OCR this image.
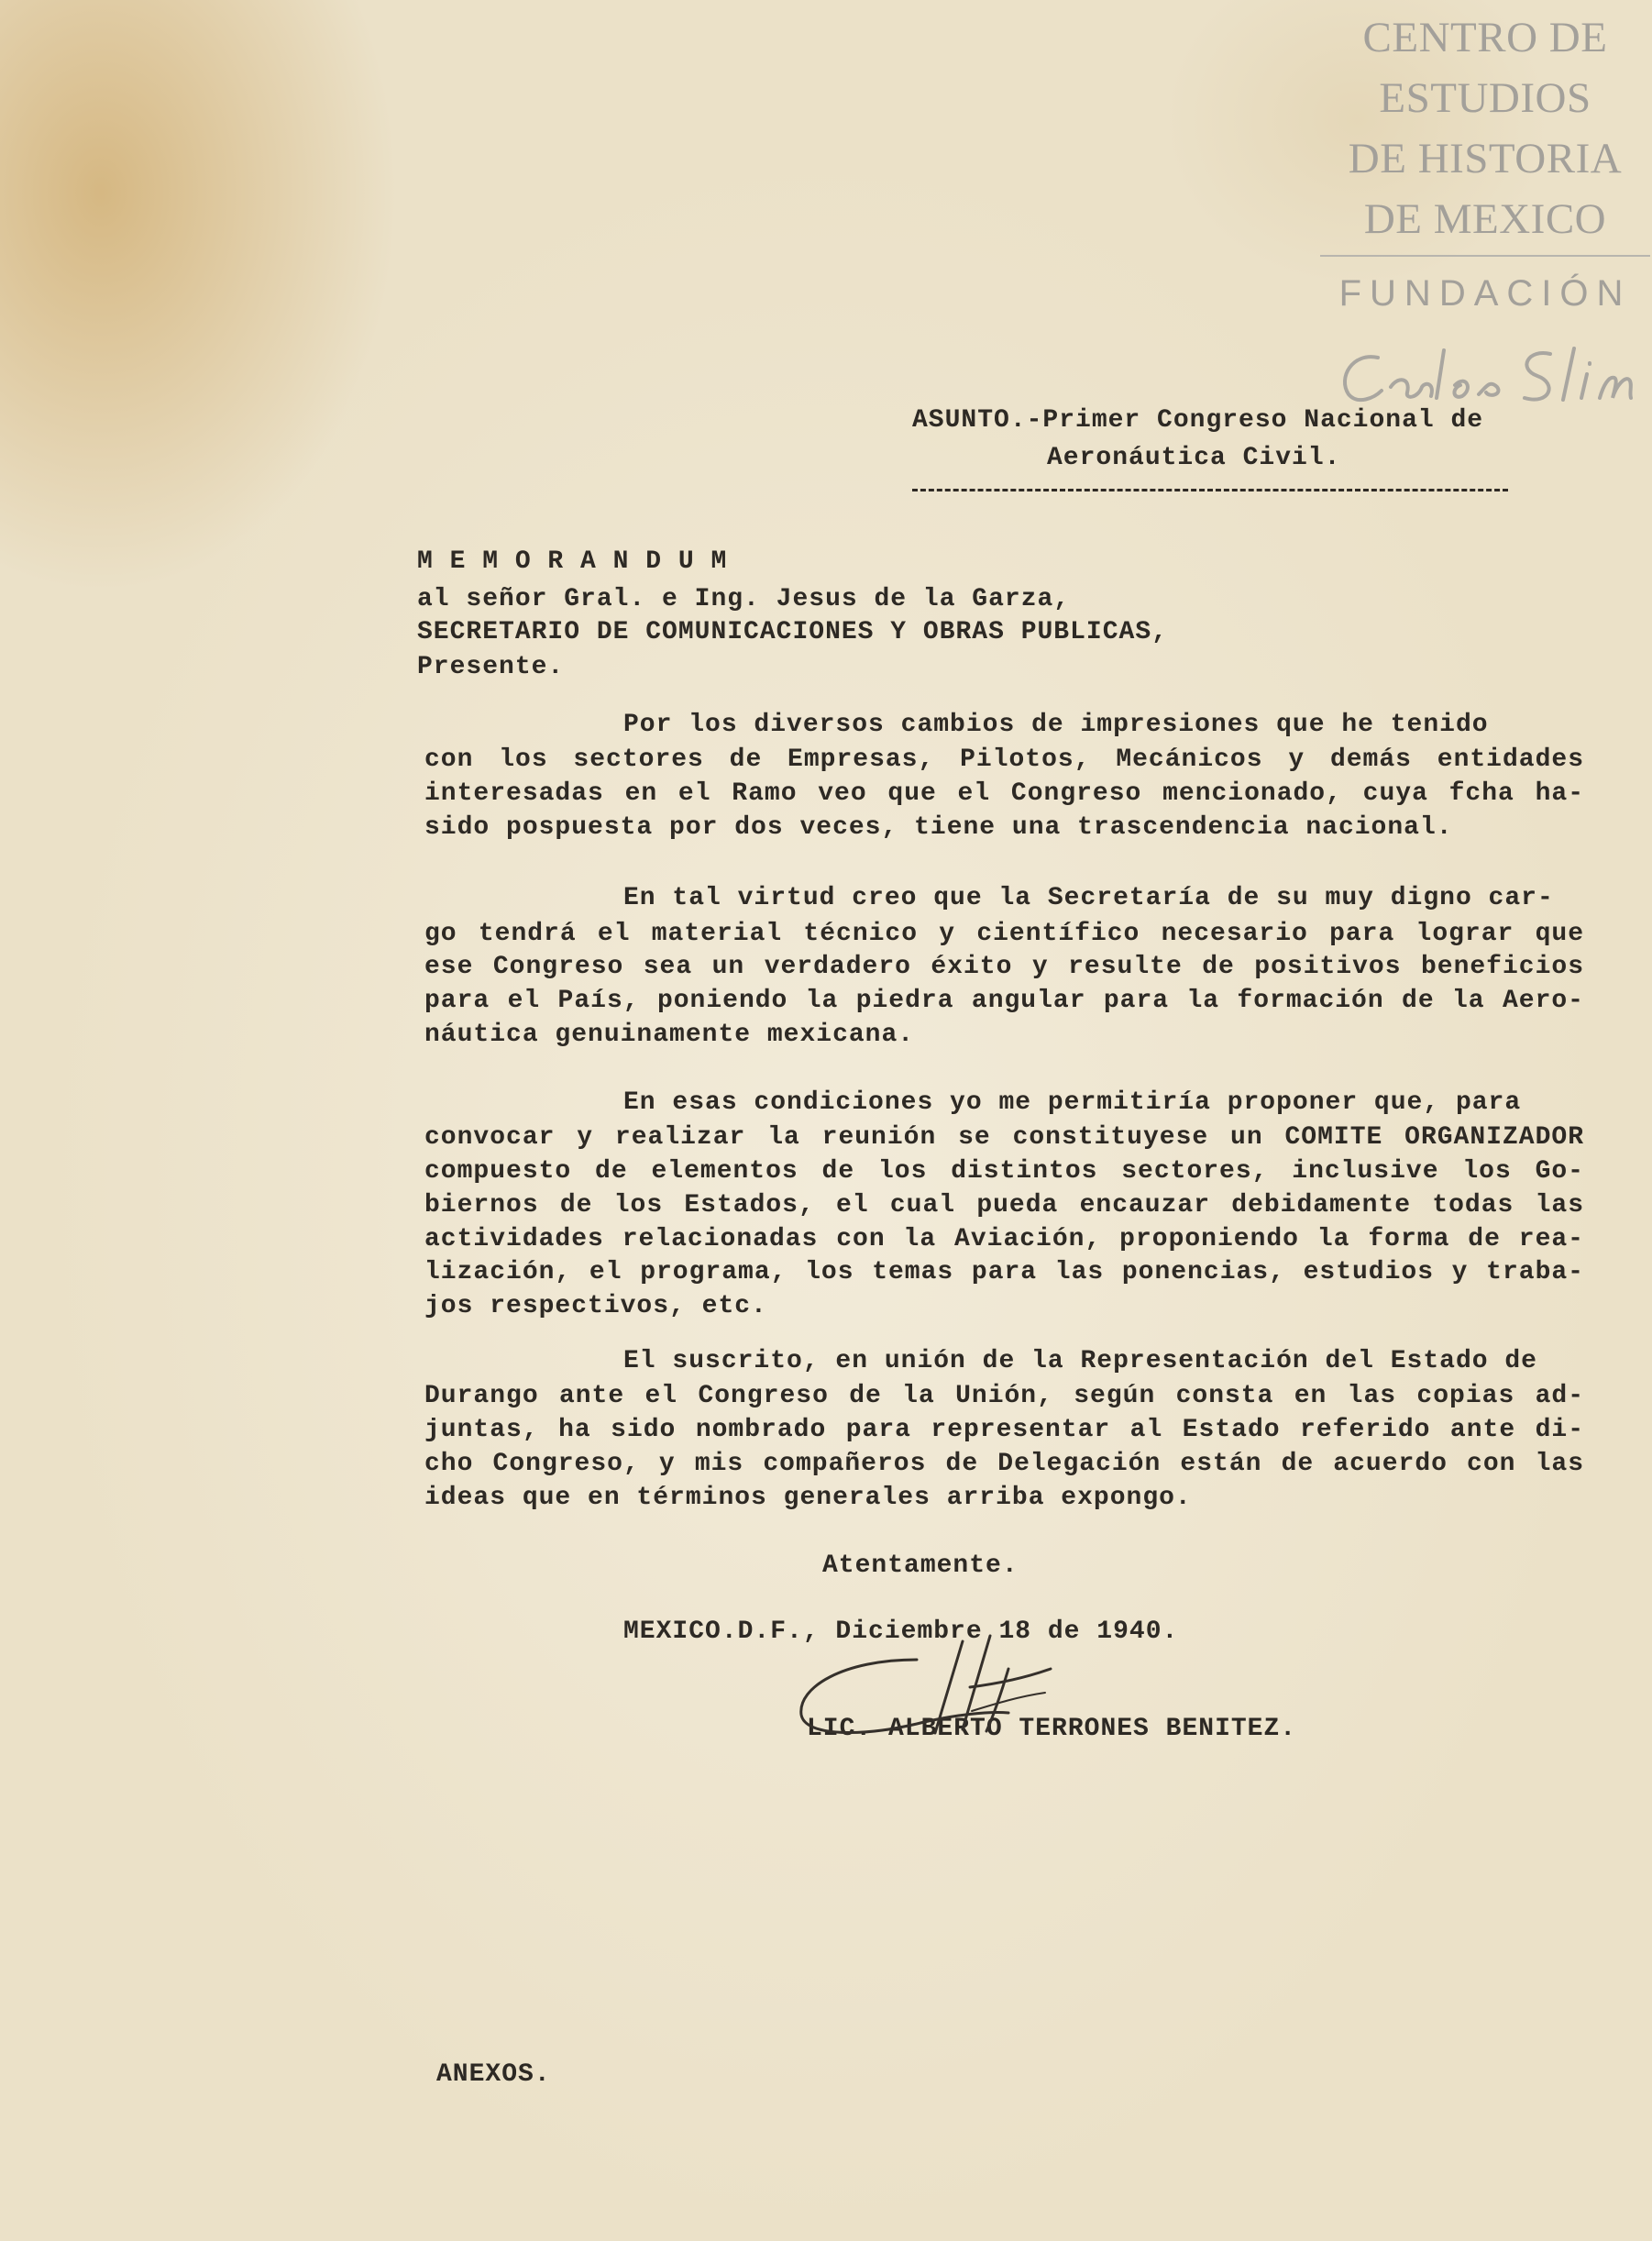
CENTRO DE
ESTUDIOS
DE HISTORIA
DE MEXICO
FUNDACIÓN
ASUNTO.-Primer Congreso Nacional de
Aeronáutica Civil.
M E M O R A N D U M
al señor Gral. e Ing. Jesus de la Garza,
SECRETARIO DE COMUNICACIONES Y OBRAS PUBLICAS,
Presente.
Por los diversos cambios de impresiones que he tenido
con los sectores de Empresas, Pilotos, Mecánicos y demás entidades
interesadas en el Ramo veo que el Congreso mencionado, cuya fcha ha-
sido pospuesta por dos veces, tiene una trascendencia nacional.
En tal virtud creo que la Secretaría de su muy digno car-
go tendrá el material técnico y científico necesario para lograr que
ese Congreso sea un verdadero éxito y resulte de positivos beneficios
para el País, poniendo la piedra angular para la formación de la Aero-
náutica genuinamente mexicana.
En esas condiciones yo me permitiría proponer que, para
convocar y realizar la reunión se constituyese un COMITE ORGANIZADOR
compuesto de elementos de los distintos sectores, inclusive los Go-
biernos de los Estados, el cual pueda encauzar debidamente todas las
actividades relacionadas con la Aviación, proponiendo la forma de rea-
lización, el programa, los temas para las ponencias, estudios y traba-
jos respectivos, etc.
El suscrito, en unión de la Representación del Estado de
Durango ante el Congreso de la Unión, según consta en las copias ad-
juntas, ha sido nombrado para representar al Estado referido ante di-
cho Congreso, y mis compañeros de Delegación están de acuerdo con las
ideas que en términos generales arriba expongo.
Atentamente.
MEXICO.D.F., Diciembre 18 de 1940.
LIC. ALBERTO TERRONES BENITEZ.
ANEXOS.
